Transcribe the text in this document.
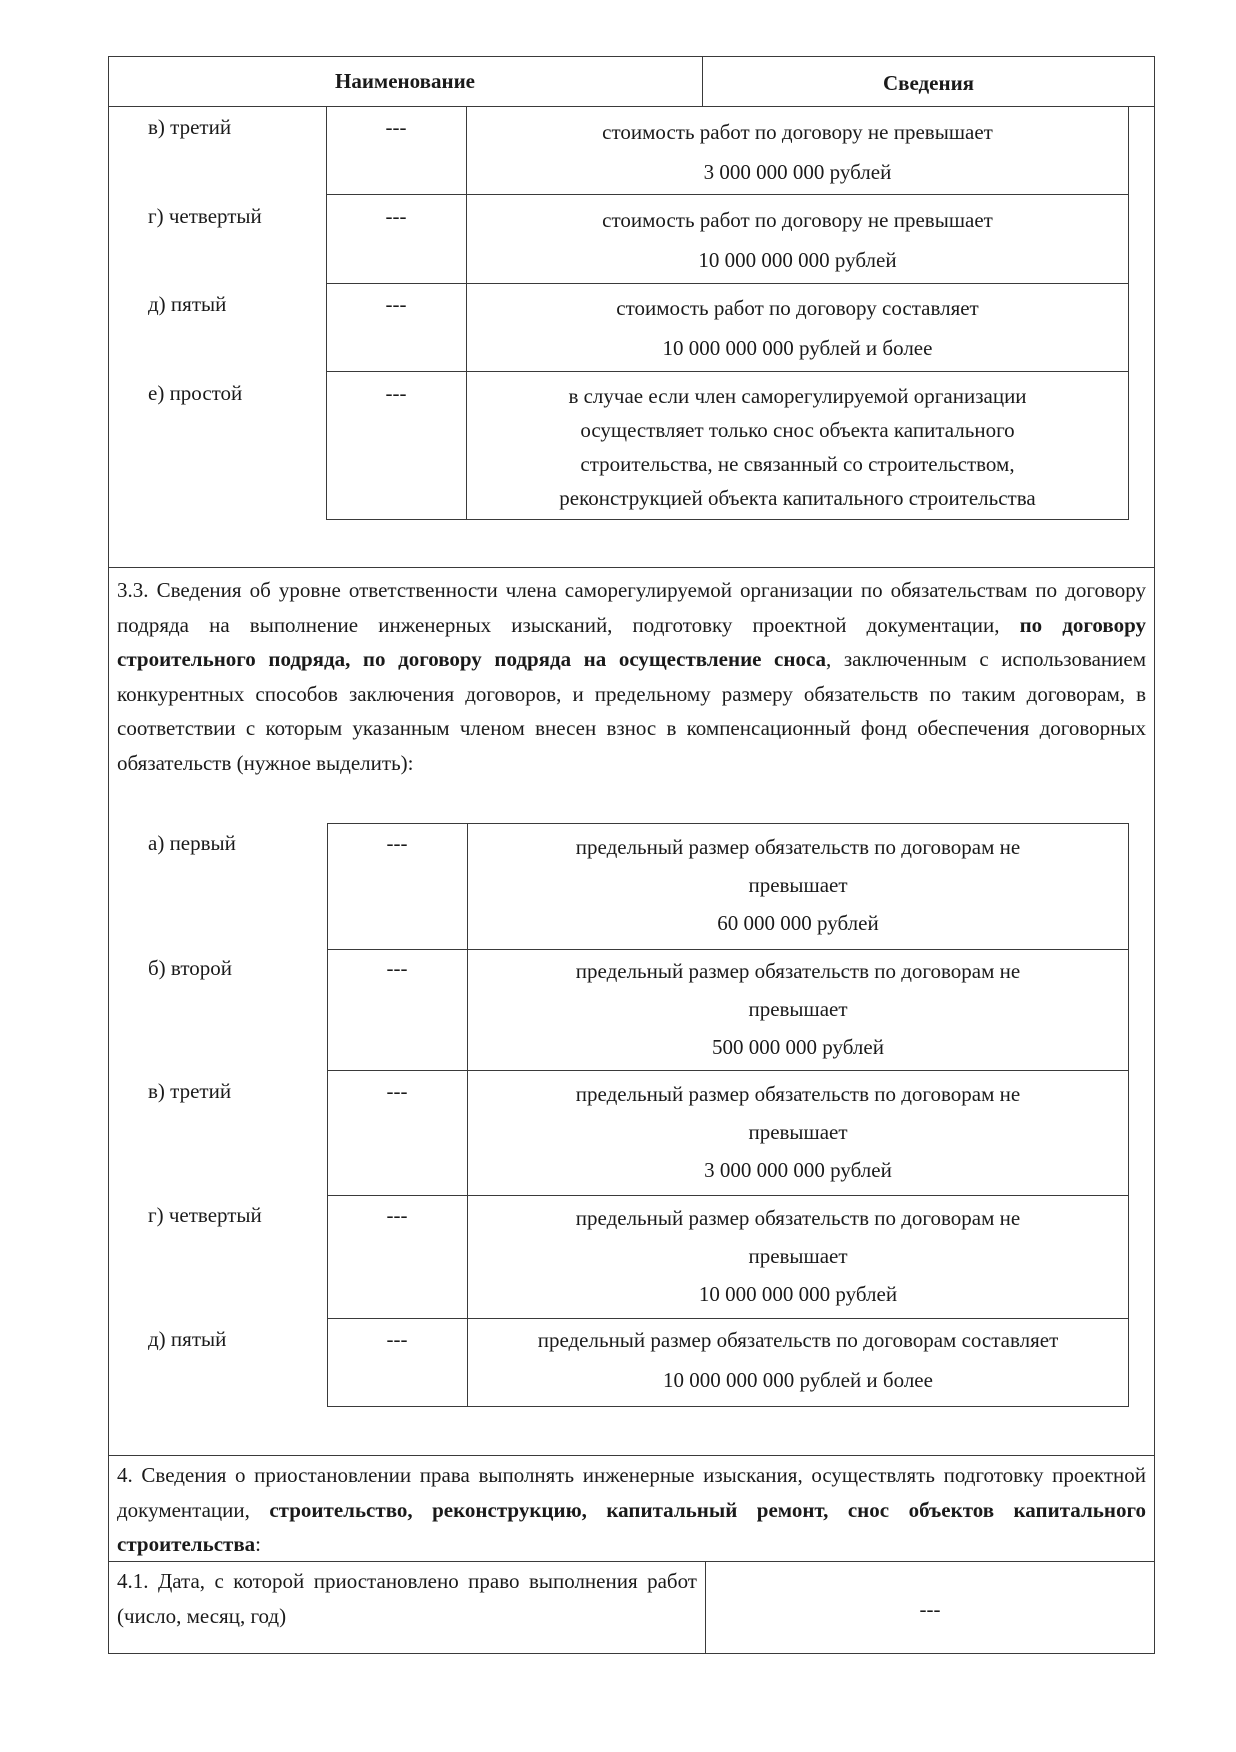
Наименование	Сведения
в) третий	---	стоимость работ по договору не превышает
3 000 000 000 рублей
г) четвертый	---	стоимость работ по договору не превышает
10 000 000 000 рублей
д) пятый	---	стоимость работ по договору составляет
10 000 000 000 рублей и более
е) простой	---	в случае если член саморегулируемой организации
осуществляет только снос объекта капитального
строительства, не связанный со строительством,
реконструкцией объекта капитального строительства
3.3. Сведения об уровне ответственности члена саморегулируемой организации по обязательствам по договору подряда на выполнение инженерных изысканий, подготовку проектной документации, по договору строительного подряда, по договору подряда на осуществление сноса, заключенным с использованием конкурентных способов заключения договоров, и предельному размеру обязательств по таким договорам, в соответствии с которым указанным членом внесен взнос в компенсационный фонд обеспечения договорных обязательств (нужное выделить):
а) первый	---	предельный размер обязательств по договорам не
превышает
60 000 000 рублей
б) второй	---	предельный размер обязательств по договорам не
превышает
500 000 000 рублей
в) третий	---	предельный размер обязательств по договорам не
превышает
3 000 000 000 рублей
г) четвертый	---	предельный размер обязательств по договорам не
превышает
10 000 000 000 рублей
д) пятый	---	предельный размер обязательств по договорам составляет
10 000 000 000 рублей и более
4. Сведения о приостановлении права выполнять инженерные изыскания, осуществлять подготовку проектной документации, строительство, реконструкцию, капитальный ремонт, снос объектов капитального строительства:
4.1. Дата, с которой приостановлено право выполнения работ (число, месяц, год)	---
